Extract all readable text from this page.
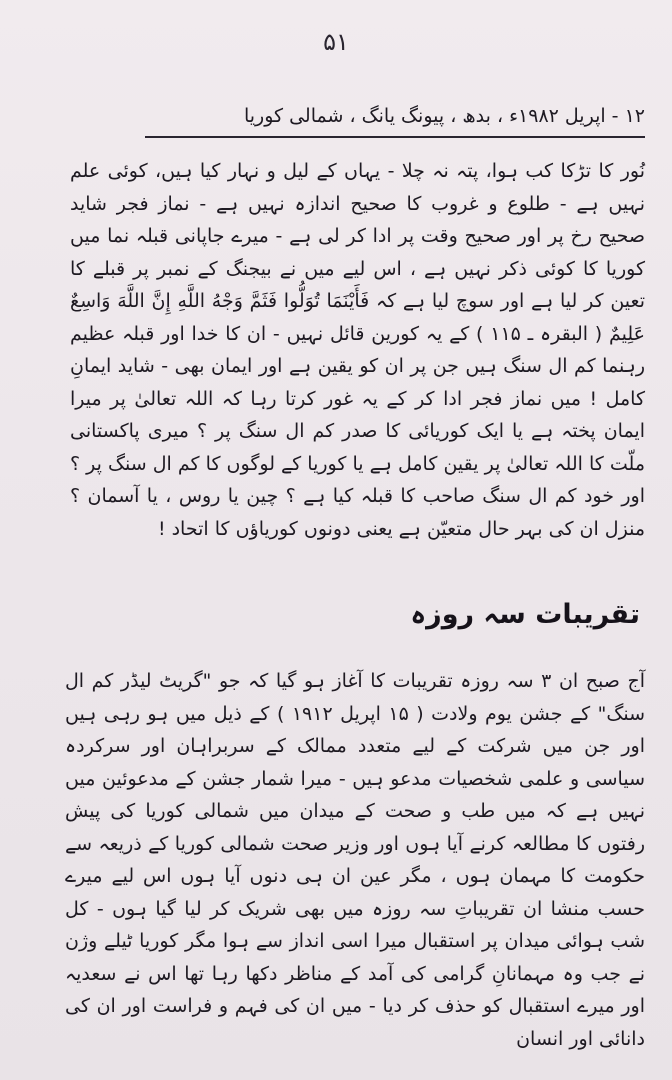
۵۱
۱۲ - اپریل ۱۹۸۲ء ، بدھ ، پیونگ یانگ ، شمالی کوریا

نُور کا تڑکا کب ہوا، پتہ نہ چلا - یہاں کے لیل و نہار کیا ہیں، کوئی علم نہیں ہے - طلوع و غروب کا صحیح اندازہ نہیں ہے - نماز فجر شاید صحیح رخ پر اور صحیح وقت پر ادا کر لی ہے - میرے جاپانی قبلہ نما میں کوریا کا کوئی ذکر نہیں ہے ، اس لیے میں نے بیجنگ کے نمبر پر قبلے کا تعین کر لیا ہے اور سوچ لیا ہے کہ فَأَيْنَمَا تُوَلُّوا فَثَمَّ وَجْهُ اللَّهِ إِنَّ اللَّهَ وَاسِعٌ عَلِيمٌ ( البقرہ ـ ۱۱۵ ) کے یہ کورین قائل نہیں - ان کا خدا اور قبلہ عظیم رہنما کم ال سنگ ہیں جن پر ان کو یقین ہے اور ایمان بھی - شاید ایمانِ کامل ! میں نماز فجر ادا کر کے یہ غور کرتا رہا کہ اللہ تعالیٰ پر میرا ایمان پختہ ہے یا ایک کوریائی کا صدر کم ال سنگ پر ؟ میری پاکستانی ملّت کا اللہ تعالیٰ پر یقین کامل ہے یا کوریا کے لوگوں کا کم ال سنگ پر ؟ اور خود کم ال سنگ صاحب کا قبلہ کیا ہے ؟ چین یا روس ، یا آسمان ؟ منزل ان کی بہر حال متعیّن ہے یعنی دونوں کوریاؤں کا اتحاد !

تقریبات سہ روزہ

آج صبح ان ۳ سہ روزہ تقریبات کا آغاز ہو گیا کہ جو "گریٹ لیڈر کم ال سنگ" کے جشن یوم ولادت ( ۱۵ اپریل ۱۹۱۲ ) کے ذیل میں ہو رہی ہیں اور جن میں شرکت کے لیے متعدد ممالک کے سربراہان اور سرکردہ سیاسی و علمی شخصیات مدعو ہیں - میرا شمار جشن کے مدعوئین میں نہیں ہے کہ میں طب و صحت کے میدان میں شمالی کوریا کی پیش رفتوں کا مطالعہ کرنے آیا ہوں اور وزیر صحت شمالی کوریا کے ذریعہ سے حکومت کا مہمان ہوں ، مگر عین ان ہی دنوں آیا ہوں اس لیے میرے حسب منشا ان تقریباتِ سہ روزہ میں بھی شریک کر لیا گیا ہوں - کل شب ہوائی میدان پر استقبال میرا اسی انداز سے ہوا مگر کوریا ٹیلے وژن نے جب وہ مہمانانِ گرامی کی آمد کے مناظر دکھا رہا تھا اس نے سعدیہ اور میرے استقبال کو حذف کر دیا - میں ان کی فہم و فراست اور ان کی دانائی اور انسان
